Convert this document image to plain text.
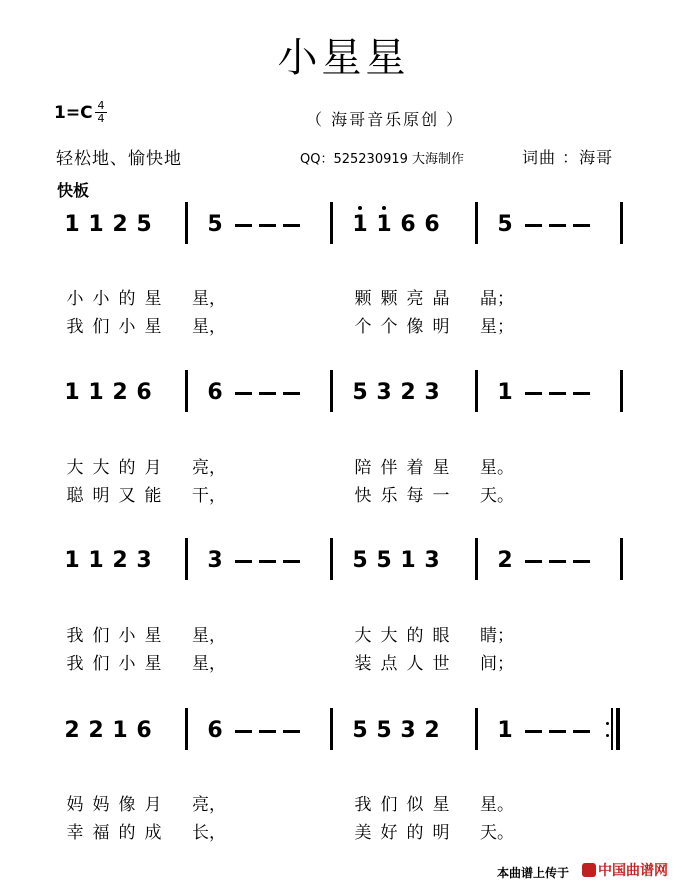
小星星
$1=C \frac{4}{4}$	（ 海哥音乐原创 ）
轻松地、愉快地	QQ：525230919 大海制作	词曲 ：海哥
快板
1 1 2 5	5	1 1 6 6	5
小 小 的 星 星，	颗 颗 亮 晶 晶；
我 们 小 星 星，	个 个 像 明 星；
1 1 2 6	6	5 3 2 3	1
大 大 的 月 亮，	陪 伴 着 星 星。
聪 明 又 能 干，	快 乐 每 一 天。
1 1 2 3	3	5 5 1 3	2
我 们 小 星 星，	大 大 的 眼 睛；
我 们 小 星 星，	装 点 人 世 间；
2 2 1 6	6	5 5 3 2	1
妈 妈 像 月 亮，	我 们 似 星 星。
幸 福 的 成 长，	美 好 的 明 天。
本曲谱上传于	中国曲谱网
